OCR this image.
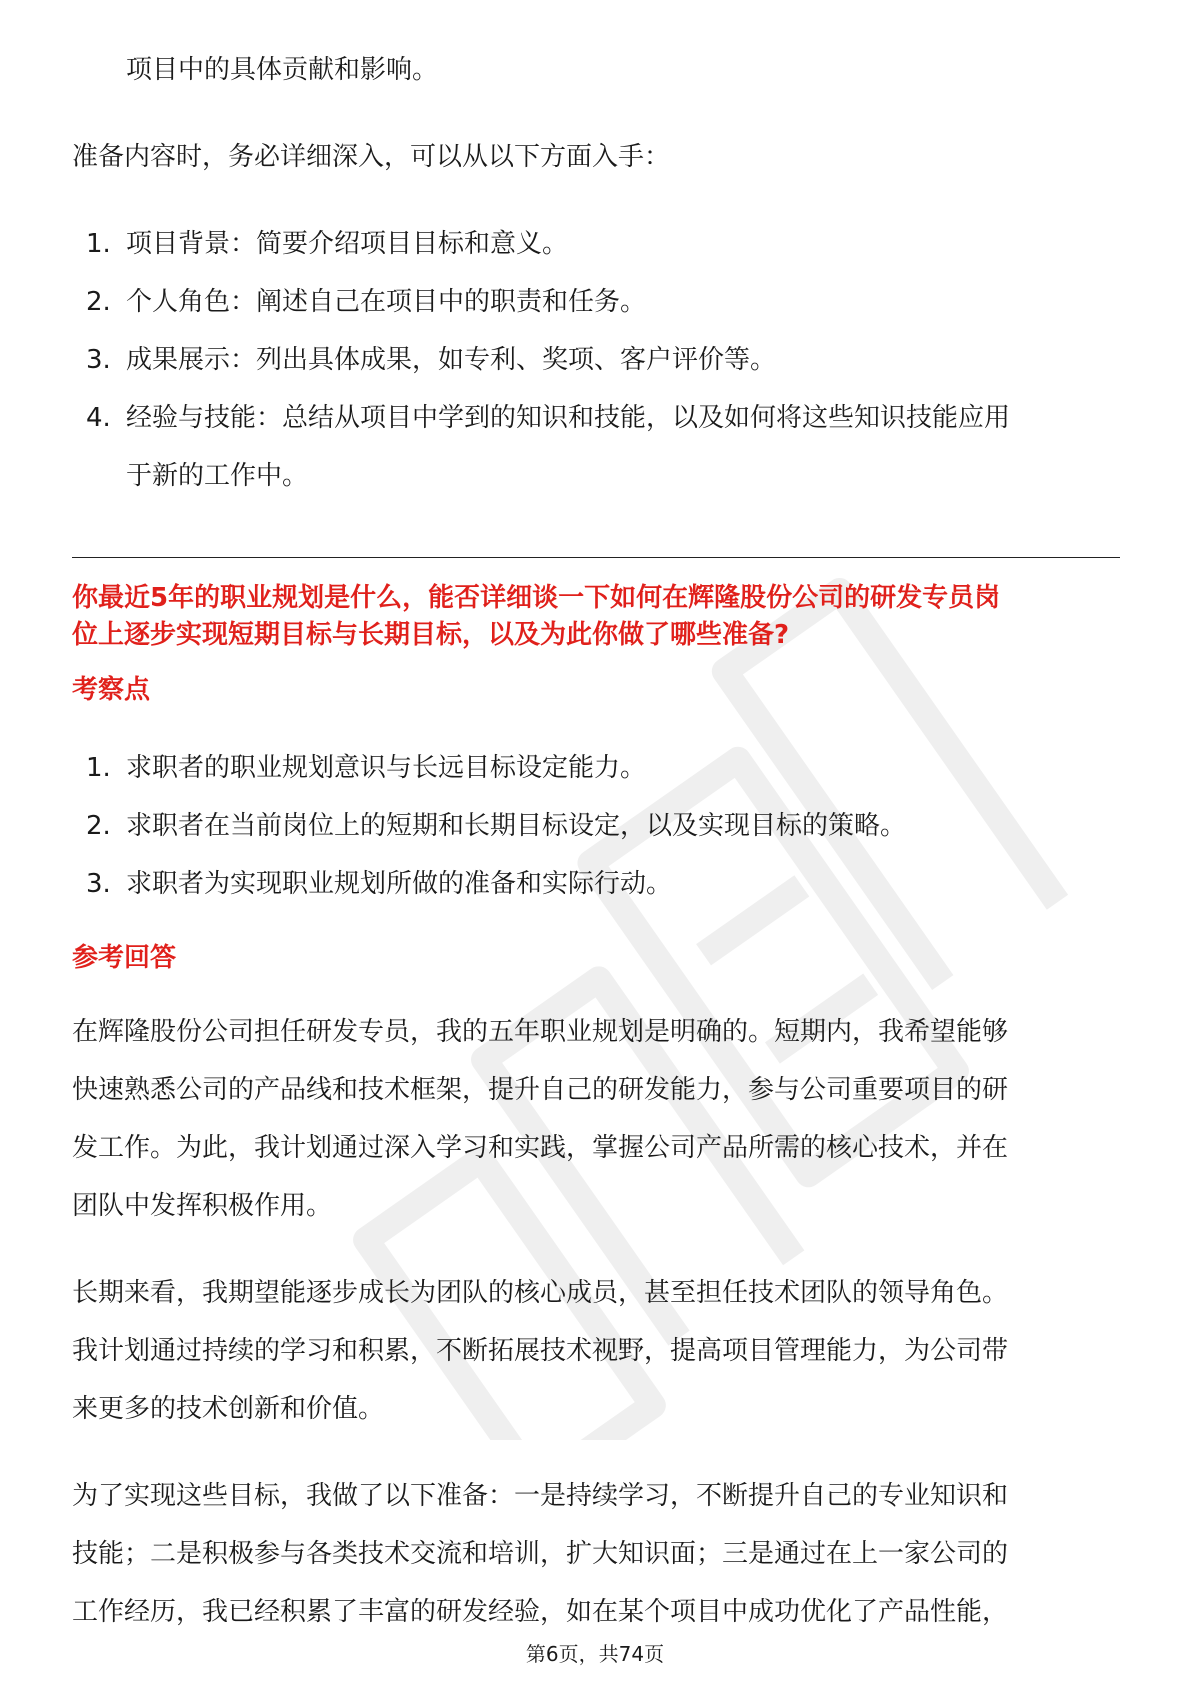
项目中的具体贡献和影响。
准备内容时，务必详细深入，可以从以下方面入手：
1. 项目背景：简要介绍项目目标和意义。
2. 个人角色：阐述自己在项目中的职责和任务。
3. 成果展示：列出具体成果，如专利、奖项、客户评价等。
4. 经验与技能：总结从项目中学到的知识和技能，以及如何将这些知识技能应用
于新的工作中。
你最近5年的职业规划是什么，能否详细谈一下如何在辉隆股份公司的研发专员岗
位上逐步实现短期目标与长期目标，以及为此你做了哪些准备?
考察点
1. 求职者的职业规划意识与长远目标设定能力。
2. 求职者在当前岗位上的短期和长期目标设定，以及实现目标的策略。
3. 求职者为实现职业规划所做的准备和实际行动。
参考回答
在辉隆股份公司担任研发专员，我的五年职业规划是明确的。短期内，我希望能够
快速熟悉公司的产品线和技术框架，提升自己的研发能力，参与公司重要项目的研
发工作。为此，我计划通过深入学习和实践，掌握公司产品所需的核心技术，并在
团队中发挥积极作用。
长期来看，我期望能逐步成长为团队的核心成员，甚至担任技术团队的领导角色。
我计划通过持续的学习和积累，不断拓展技术视野，提高项目管理能力，为公司带
来更多的技术创新和价值。
为了实现这些目标，我做了以下准备：一是持续学习，不断提升自己的专业知识和
技能；二是积极参与各类技术交流和培训，扩大知识面；三是通过在上一家公司的
工作经历，我已经积累了丰富的研发经验，如在某个项目中成功优化了产品性能，
第6页，共74页
